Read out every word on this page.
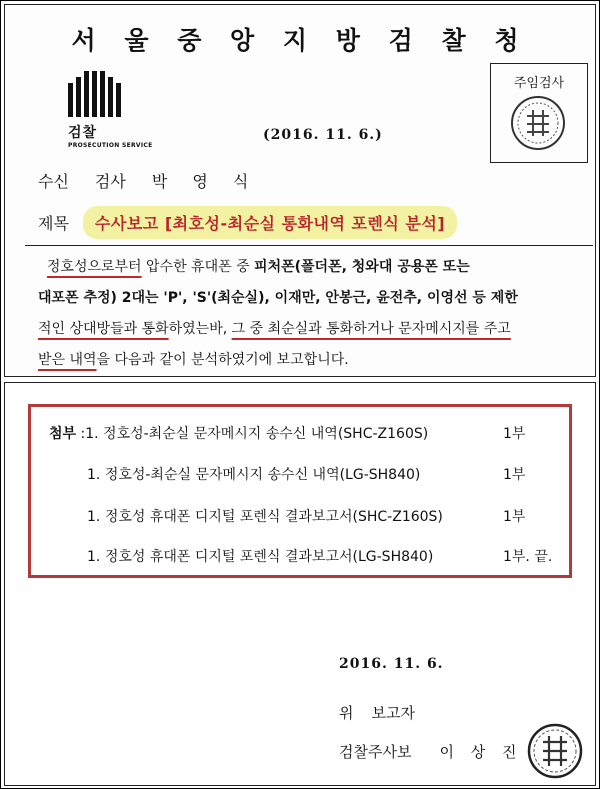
서 울 중 앙 지 방 검 찰 청
검찰
PROSECUTION SERVICE
(2016. 11. 6.)
주임검사
수신 검사 박 영 식
제목	수사보고 [최호성-최순실 통화내역 포렌식 분석]
정호성으로부터 압수한 휴대폰 중 피처폰(폴더폰, 청와대 공용폰 또는
대포폰 추정) 2대는 'P', 'S'(최순실), 이재만, 안봉근, 윤전추, 이영선 등 제한
적인 상대방들과 통화하였는바, 그 중 최순실과 통화하거나 문자메시지를 주고
받은 내역을 다음과 같이 분석하였기에 보고합니다.
첨부 :1. 정호성-최순실 문자메시지 송수신 내역(SHC-Z160S)	1부
1. 정호성-최순실 문자메시지 송수신 내역(LG-SH840)	1부
1. 정호성 휴대폰 디지털 포렌식 결과보고서(SHC-Z160S)	1부
1. 정호성 휴대폰 디지털 포렌식 결과보고서(LG-SH840)	1부. 끝.
2016. 11. 6.
위 보고자
검찰주사보 이 상 진
